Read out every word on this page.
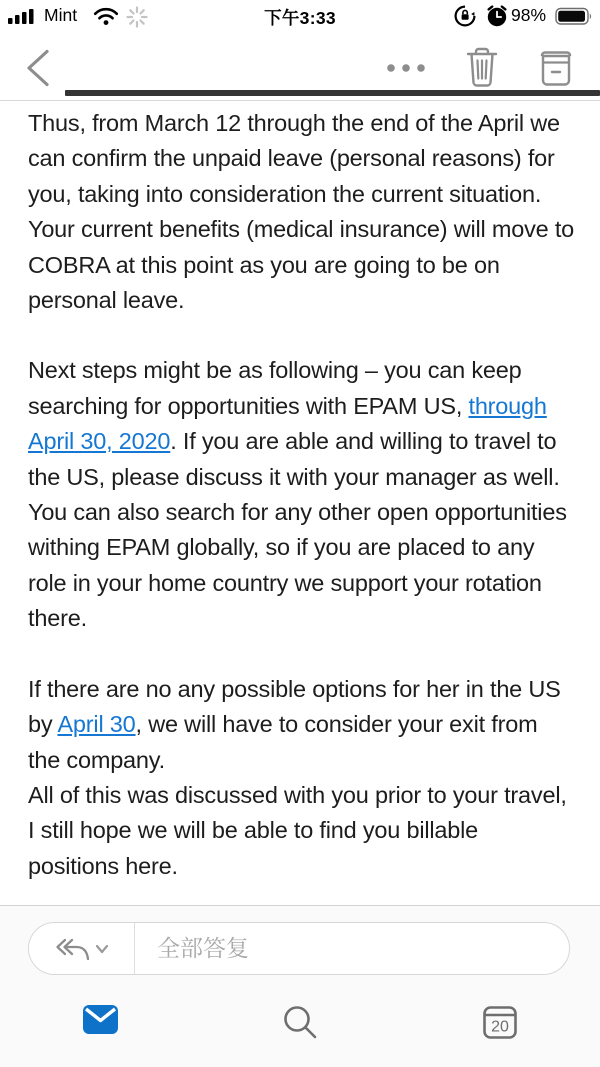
Mint	98%
下午3:33

Thus, from March 12 through the end of the April we can confirm the unpaid leave (personal reasons) for you, taking into consideration the current situation. Your current benefits (medical insurance) will move to COBRA at this point as you are going to be on personal leave.

Next steps might be as following – you can keep searching for opportunities with EPAM US, through April 30, 2020. If you are able and willing to travel to the US, please discuss it with your manager as well. You can also search for any other open opportunities withing EPAM globally, so if you are placed to any role in your home country we support your rotation there.

If there are no any possible options for her in the US by April 30, we will have to consider your exit from the company.

All of this was discussed with you prior to your travel, I still hope we will be able to find you billable positions here.

全部答复
20
